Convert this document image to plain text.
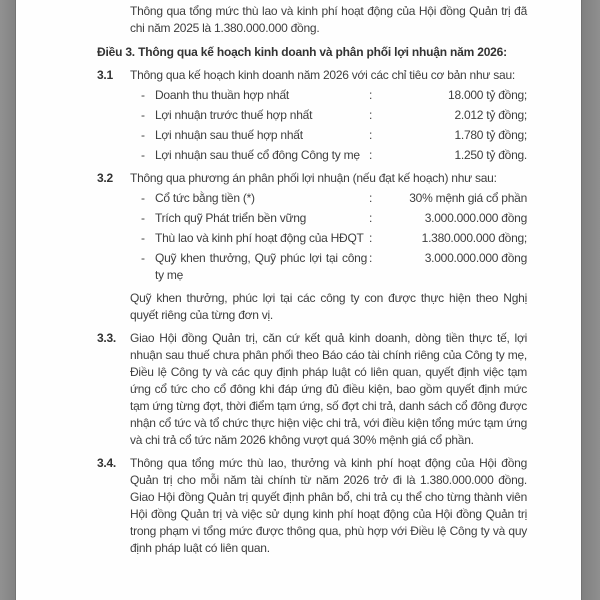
Thông qua tổng mức thù lao và kinh phí hoạt động của Hội đồng Quản trị đã chi năm 2025 là 1.380.000.000 đồng.

Điều 3. Thông qua kế hoạch kinh doanh và phân phối lợi nhuận năm 2026:

3.1	Thông qua kế hoạch kinh doanh năm 2026 với các chỉ tiêu cơ bản như sau:

- Doanh thu thuần hợp nhất	:	18.000 tỷ đồng;
- Lợi nhuận trước thuế hợp nhất	:	2.012 tỷ đồng;
- Lợi nhuận sau thuế hợp nhất	:	1.780 tỷ đồng;
- Lợi nhuận sau thuế cổ đông Công ty mẹ :	1.250 tỷ đồng.
3.2	Thông qua phương án phân phối lợi nhuận (nếu đạt kế hoạch) như sau:

- Cổ tức bằng tiền (*)	:	30% mệnh giá cổ phần
- Trích quỹ Phát triển bền vững	:	3.000.000.000 đồng
- Thù lao và kinh phí hoạt động của HĐQT :	1.380.000.000 đồng;
- Quỹ khen thưởng, Quỹ phúc lợi tại công ty mẹ
:	3.000.000.000 đồng

Quỹ khen thưởng, phúc lợi tại các công ty con được thực hiện theo Nghị quyết riêng của từng đơn vị.

3.3.	Giao Hội đồng Quản trị, căn cứ kết quả kinh doanh, dòng tiền thực tế, lợi nhuận sau thuế chưa phân phối theo Báo cáo tài chính riêng của Công ty mẹ, Điều lệ Công ty và các quy định pháp luật có liên quan, quyết định việc tạm ứng cổ tức cho cổ đông khi đáp ứng đủ điều kiện, bao gồm quyết định mức tạm ứng từng đợt, thời điểm tạm ứng, số đợt chi trả, danh sách cổ đông được nhận cổ tức và tổ chức thực hiện việc chi trả, với điều kiện tổng mức tạm ứng và chi trả cổ tức năm 2026 không vượt quá 30% mệnh giá cổ phần.

3.4.	Thông qua tổng mức thù lao, thưởng và kinh phí hoạt động của Hội đồng Quản trị cho mỗi năm tài chính từ năm 2026 trở đi là 1.380.000.000 đồng. Giao Hội đồng Quản trị quyết định phân bổ, chi trả cụ thể cho từng thành viên Hội đồng Quản trị và việc sử dụng kinh phí hoạt động của Hội đồng Quản trị trong phạm vi tổng mức được thông qua, phù hợp với Điều lệ Công ty và quy định pháp luật có liên quan.
